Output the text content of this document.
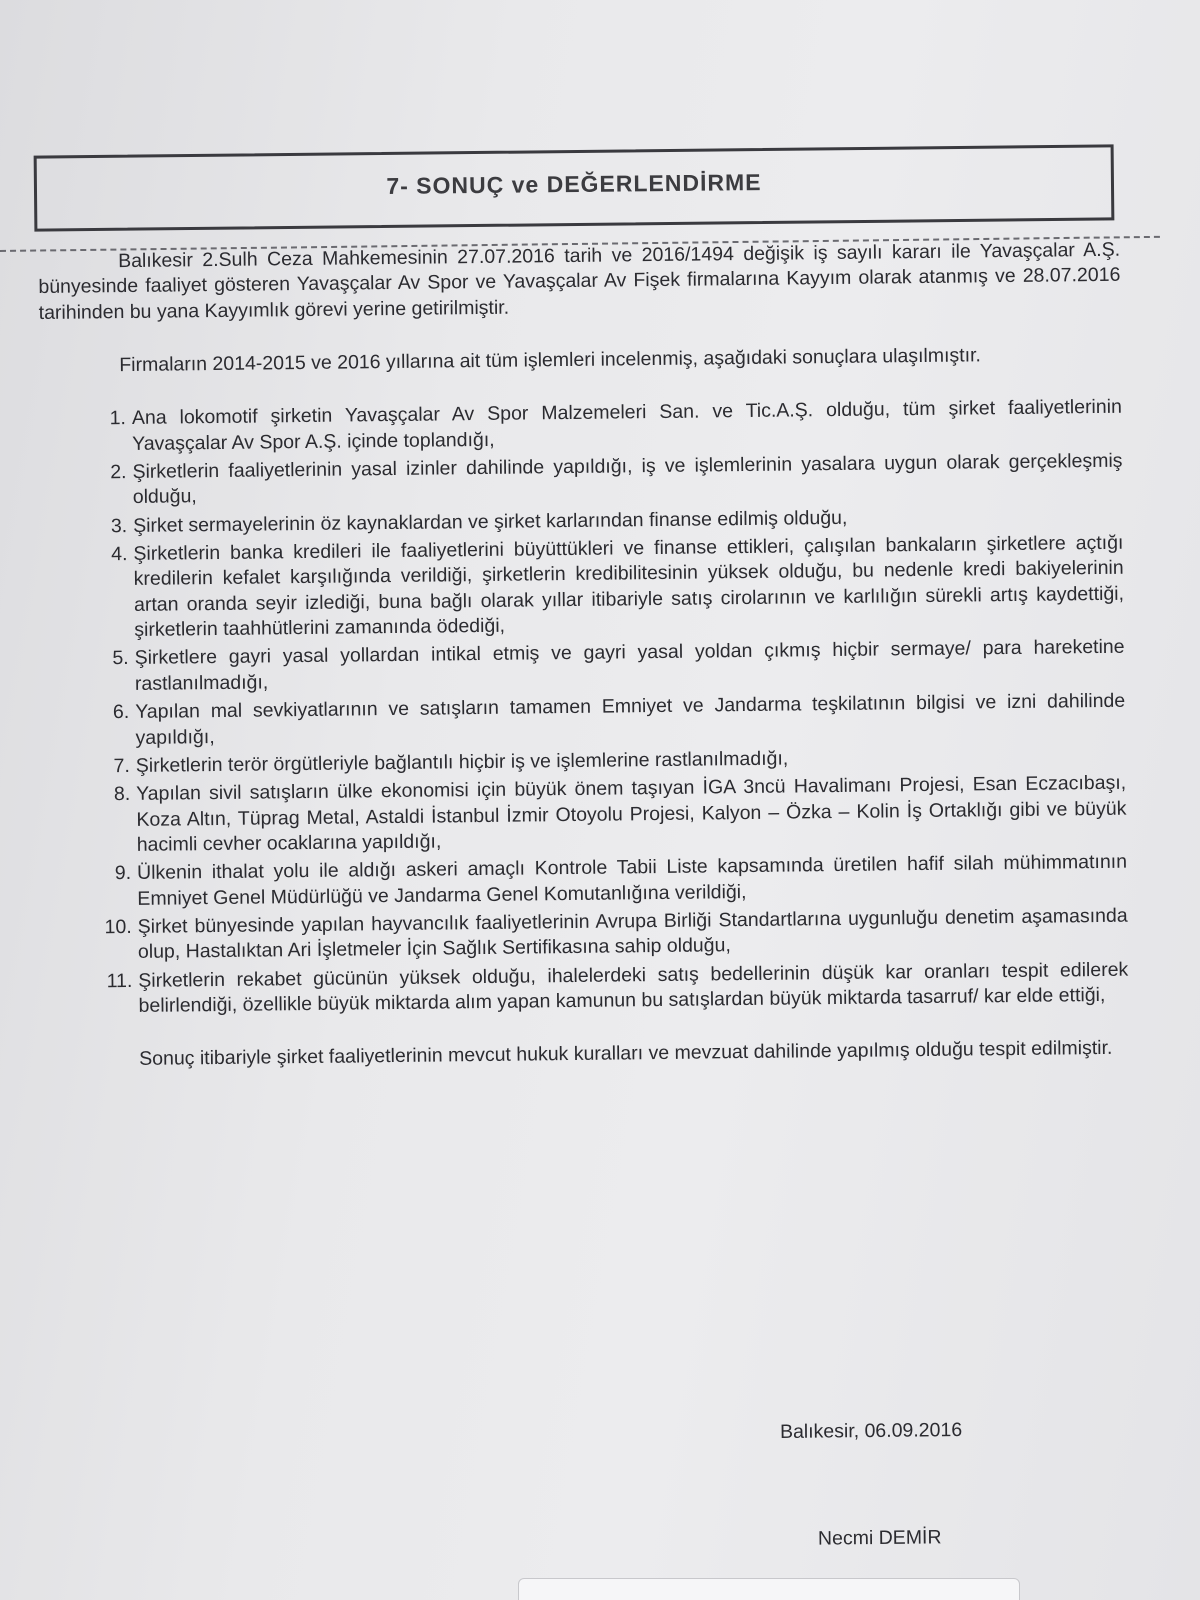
7- SONUÇ ve DEĞERLENDİRME

Balıkesir 2.Sulh Ceza Mahkemesinin 27.07.2016 tarih ve 2016/1494 değişik iş sayılı kararı ile Yavaşçalar A.Ş. bünyesinde faaliyet gösteren Yavaşçalar Av Spor ve Yavaşçalar Av Fişek firmalarına Kayyım olarak atanmış ve 28.07.2016 tarihinden bu yana Kayyımlık görevi yerine getirilmiştir.

Firmaların 2014-2015 ve 2016 yıllarına ait tüm işlemleri incelenmiş, aşağıdaki sonuçlara ulaşılmıştır.

1. Ana lokomotif şirketin Yavaşçalar Av Spor Malzemeleri San. ve Tic.A.Ş. olduğu, tüm şirket faaliyetlerinin Yavaşçalar Av Spor A.Ş. içinde toplandığı,
2. Şirketlerin faaliyetlerinin yasal izinler dahilinde yapıldığı, iş ve işlemlerinin yasalara uygun olarak gerçekleşmiş olduğu,
3. Şirket sermayelerinin öz kaynaklardan ve şirket karlarından finanse edilmiş olduğu,
4. Şirketlerin banka kredileri ile faaliyetlerini büyüttükleri ve finanse ettikleri, çalışılan bankaların şirketlere açtığı kredilerin kefalet karşılığında verildiği, şirketlerin kredibilitesinin yüksek olduğu, bu nedenle kredi bakiyelerinin artan oranda seyir izlediği, buna bağlı olarak yıllar itibariyle satış cirolarının ve karlılığın sürekli artış kaydettiği, şirketlerin taahhütlerini zamanında ödediği,
5. Şirketlere gayri yasal yollardan intikal etmiş ve gayri yasal yoldan çıkmış hiçbir sermaye/ para hareketine rastlanılmadığı,
6. Yapılan mal sevkiyatlarının ve satışların tamamen Emniyet ve Jandarma teşkilatının bilgisi ve izni dahilinde yapıldığı,
7. Şirketlerin terör örgütleriyle bağlantılı hiçbir iş ve işlemlerine rastlanılmadığı,
8. Yapılan sivil satışların ülke ekonomisi için büyük önem taşıyan İGA 3ncü Havalimanı Projesi, Esan Eczacıbaşı, Koza Altın, Tüprag Metal, Astaldi İstanbul İzmir Otoyolu Projesi, Kalyon – Özka – Kolin İş Ortaklığı gibi ve büyük hacimli cevher ocaklarına yapıldığı,
9. Ülkenin ithalat yolu ile aldığı askeri amaçlı Kontrole Tabii Liste kapsamında üretilen hafif silah mühimmatının Emniyet Genel Müdürlüğü ve Jandarma Genel Komutanlığına verildiği,
10. Şirket bünyesinde yapılan hayvancılık faaliyetlerinin Avrupa Birliği Standartlarına uygunluğu denetim aşamasında olup, Hastalıktan Ari İşletmeler İçin Sağlık Sertifikasına sahip olduğu,
11. Şirketlerin rekabet gücünün yüksek olduğu, ihalelerdeki satış bedellerinin düşük kar oranları tespit edilerek belirlendiği, özellikle büyük miktarda alım yapan kamunun bu satışlardan büyük miktarda tasarruf/ kar elde ettiği,

Sonuç itibariyle şirket faaliyetlerinin mevcut hukuk kuralları ve mevzuat dahilinde yapılmış olduğu tespit edilmiştir.

Balıkesir, 06.09.2016
Necmi DEMİR
